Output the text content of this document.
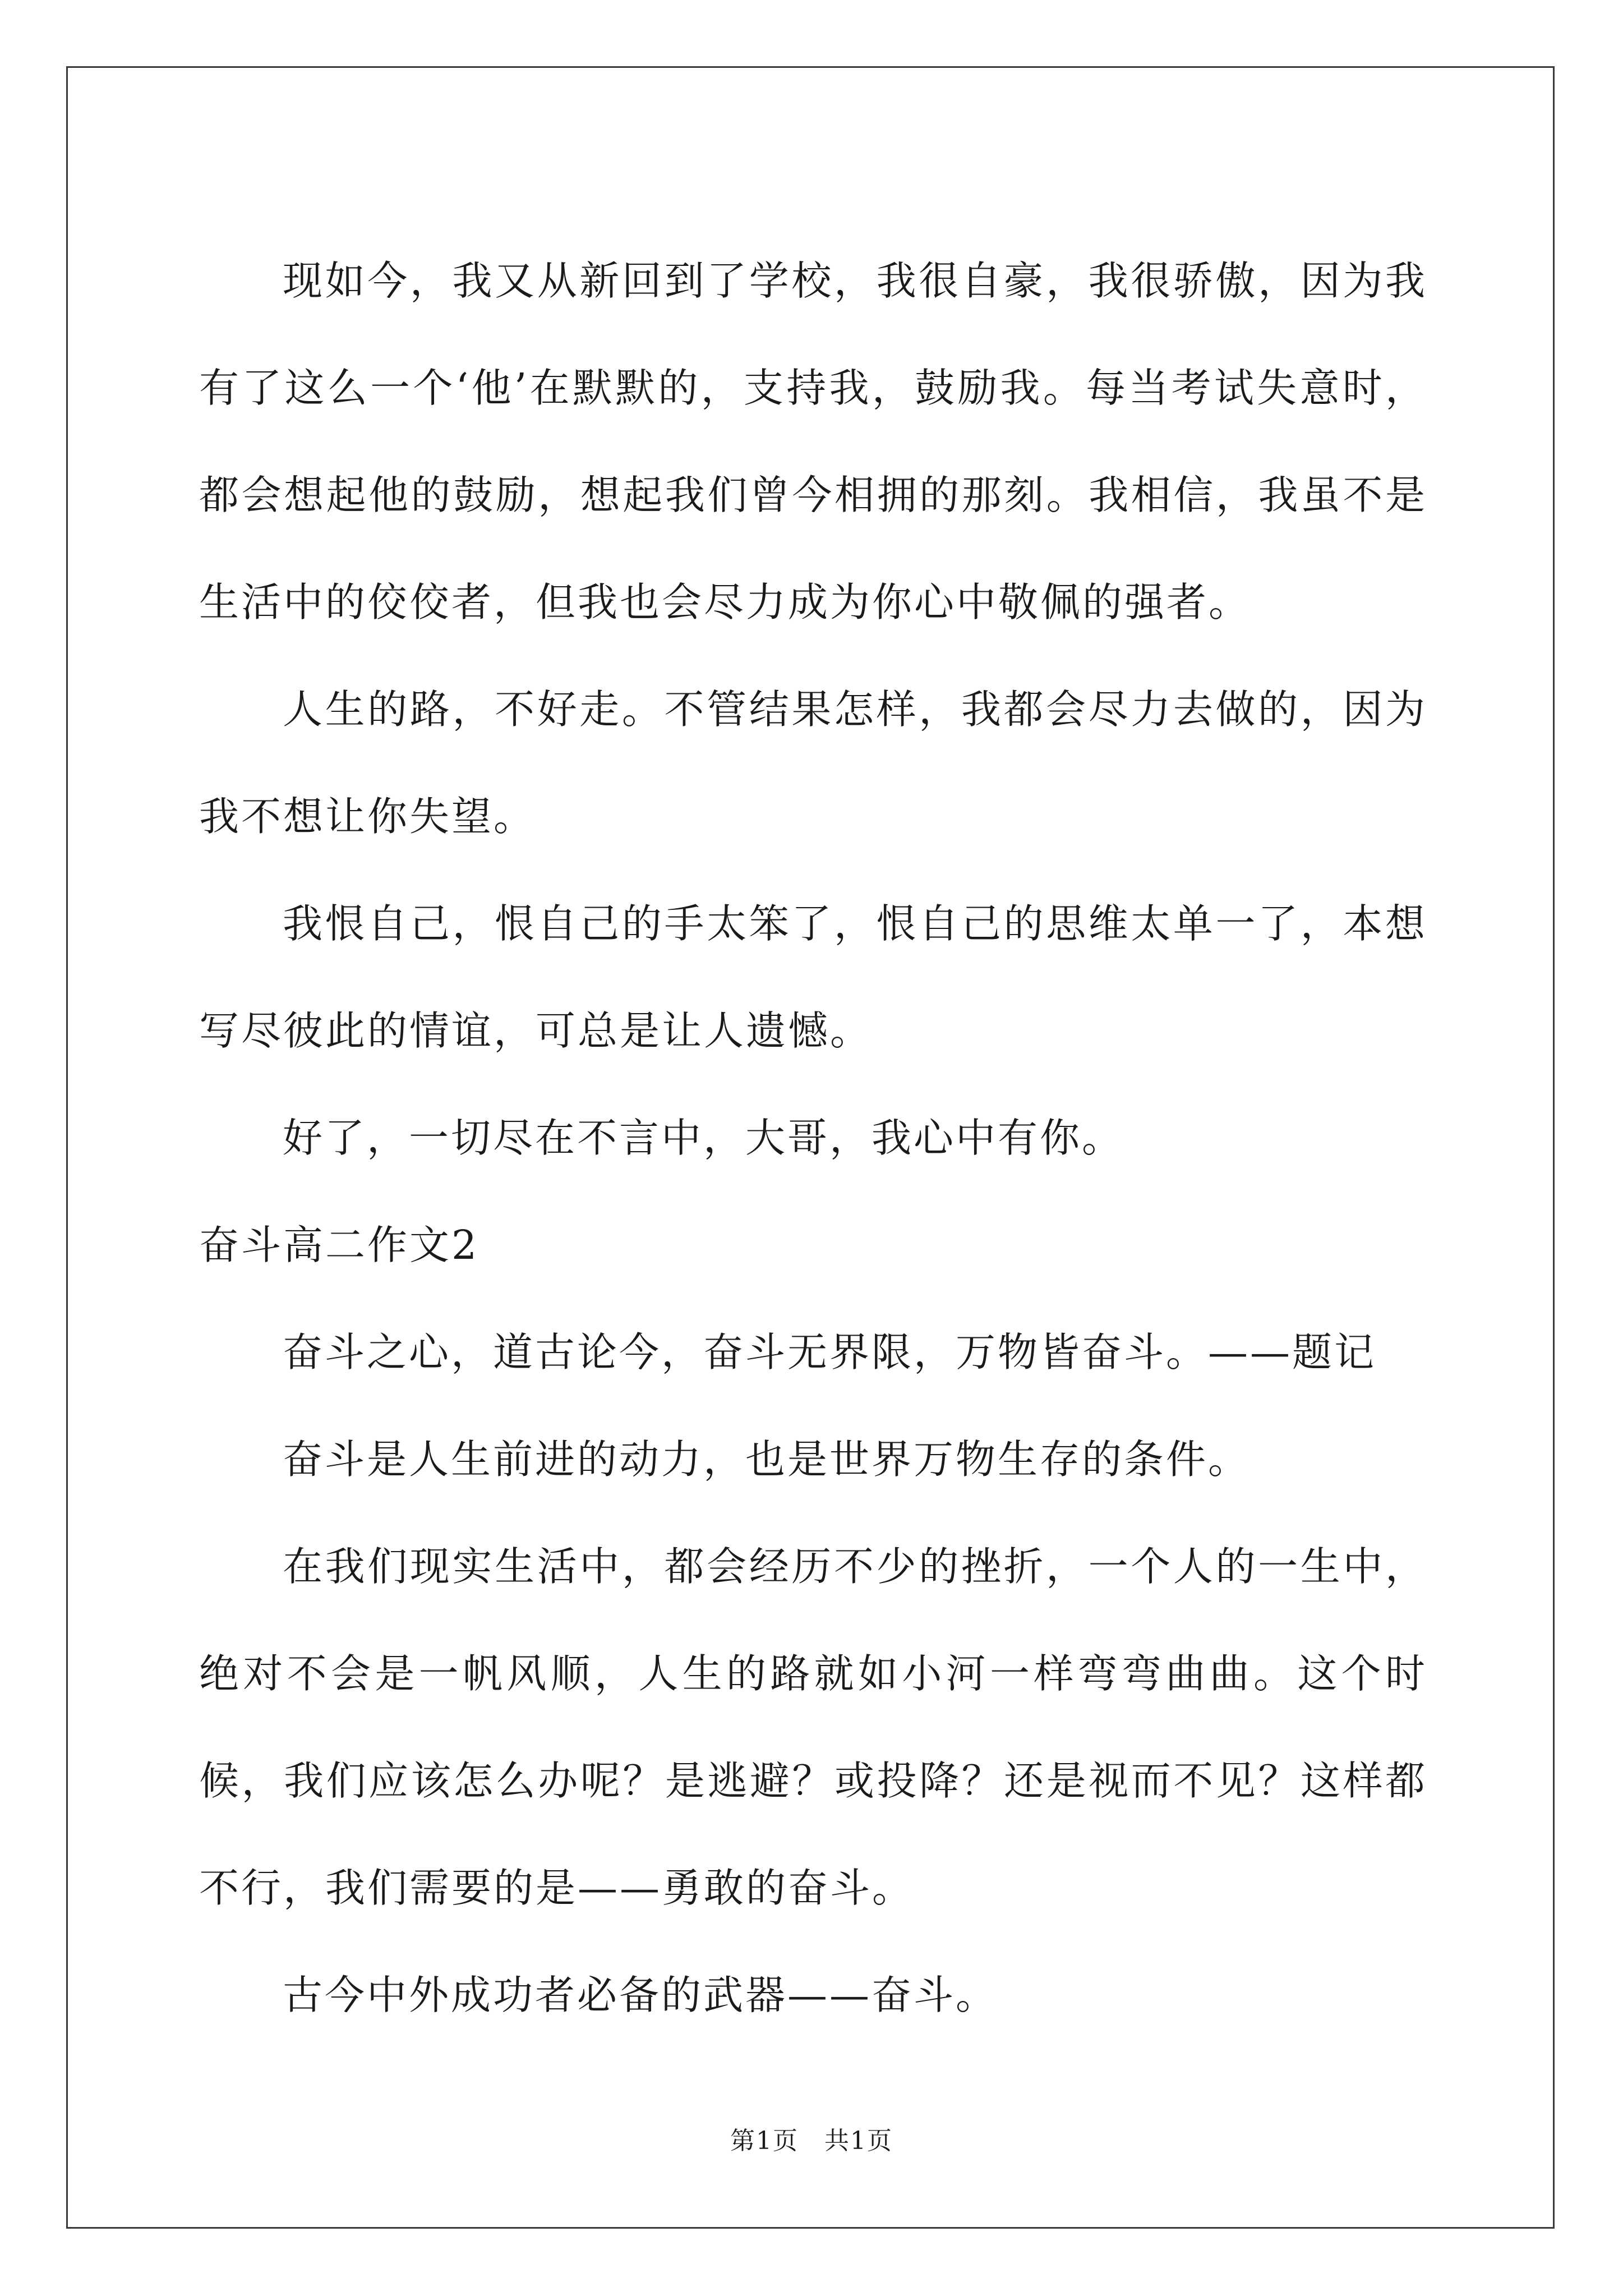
现如今，我又从新回到了学校，我很自豪，我很骄傲，因为我有了这么一个‘他’在默默的，支持我，鼓励我。每当考试失意时，都会想起他的鼓励，想起我们曾今相拥的那刻。我相信，我虽不是生活中的佼佼者，但我也会尽力成为你心中敬佩的强者。

人生的路，不好走。不管结果怎样，我都会尽力去做的，因为我不想让你失望。

我恨自己，恨自己的手太笨了，恨自己的思维太单一了，本想写尽彼此的情谊，可总是让人遗憾。

好了，一切尽在不言中，大哥，我心中有你。

奋斗高二作文2

奋斗之心，道古论今，奋斗无界限，万物皆奋斗。——题记

奋斗是人生前进的动力，也是世界万物生存的条件。

在我们现实生活中，都会经历不少的挫折，一个人的一生中，绝对不会是一帆风顺，人生的路就如小河一样弯弯曲曲。这个时候，我们应该怎么办呢？是逃避？或投降？还是视而不见？这样都不行，我们需要的是——勇敢的奋斗。

古今中外成功者必备的武器——奋斗。

第1页　共1页
